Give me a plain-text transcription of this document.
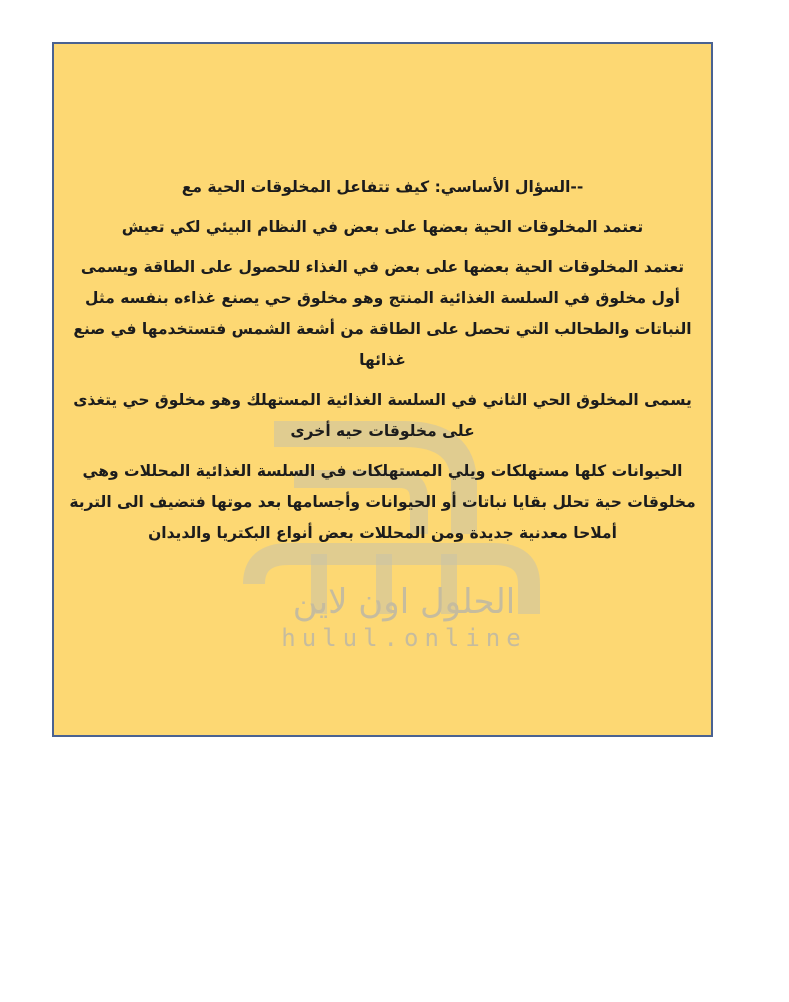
الحلول اون لاين
hulul.online

--السؤال الأساسي: كيف تتفاعل المخلوقات الحية مع

تعتمد المخلوقات الحية بعضها على بعض في النظام البيئي لكي تعيش

تعتمد المخلوقات الحية بعضها على بعض في الغذاء للحصول على الطاقة ويسمى أول مخلوق في السلسة الغذائية المنتج وهو مخلوق حي يصنع غذاءه بنفسه مثل النباتات والطحالب التي تحصل على الطاقة من أشعة الشمس فتستخدمها في صنع غذائها

يسمى المخلوق الحي الثاني في السلسة الغذائية المستهلك وهو مخلوق حي يتغذى على مخلوقات حيه أخرى

الحيوانات كلها مستهلكات ويلي المستهلكات في السلسة الغذائية المحللات وهي مخلوقات حية تحلل بقايا نباتات أو الحيوانات وأجسامها بعد موتها فتضيف الى التربة أملاحا معدنية جديدة ومن المحللات بعض أنواع البكتريا والديدان
